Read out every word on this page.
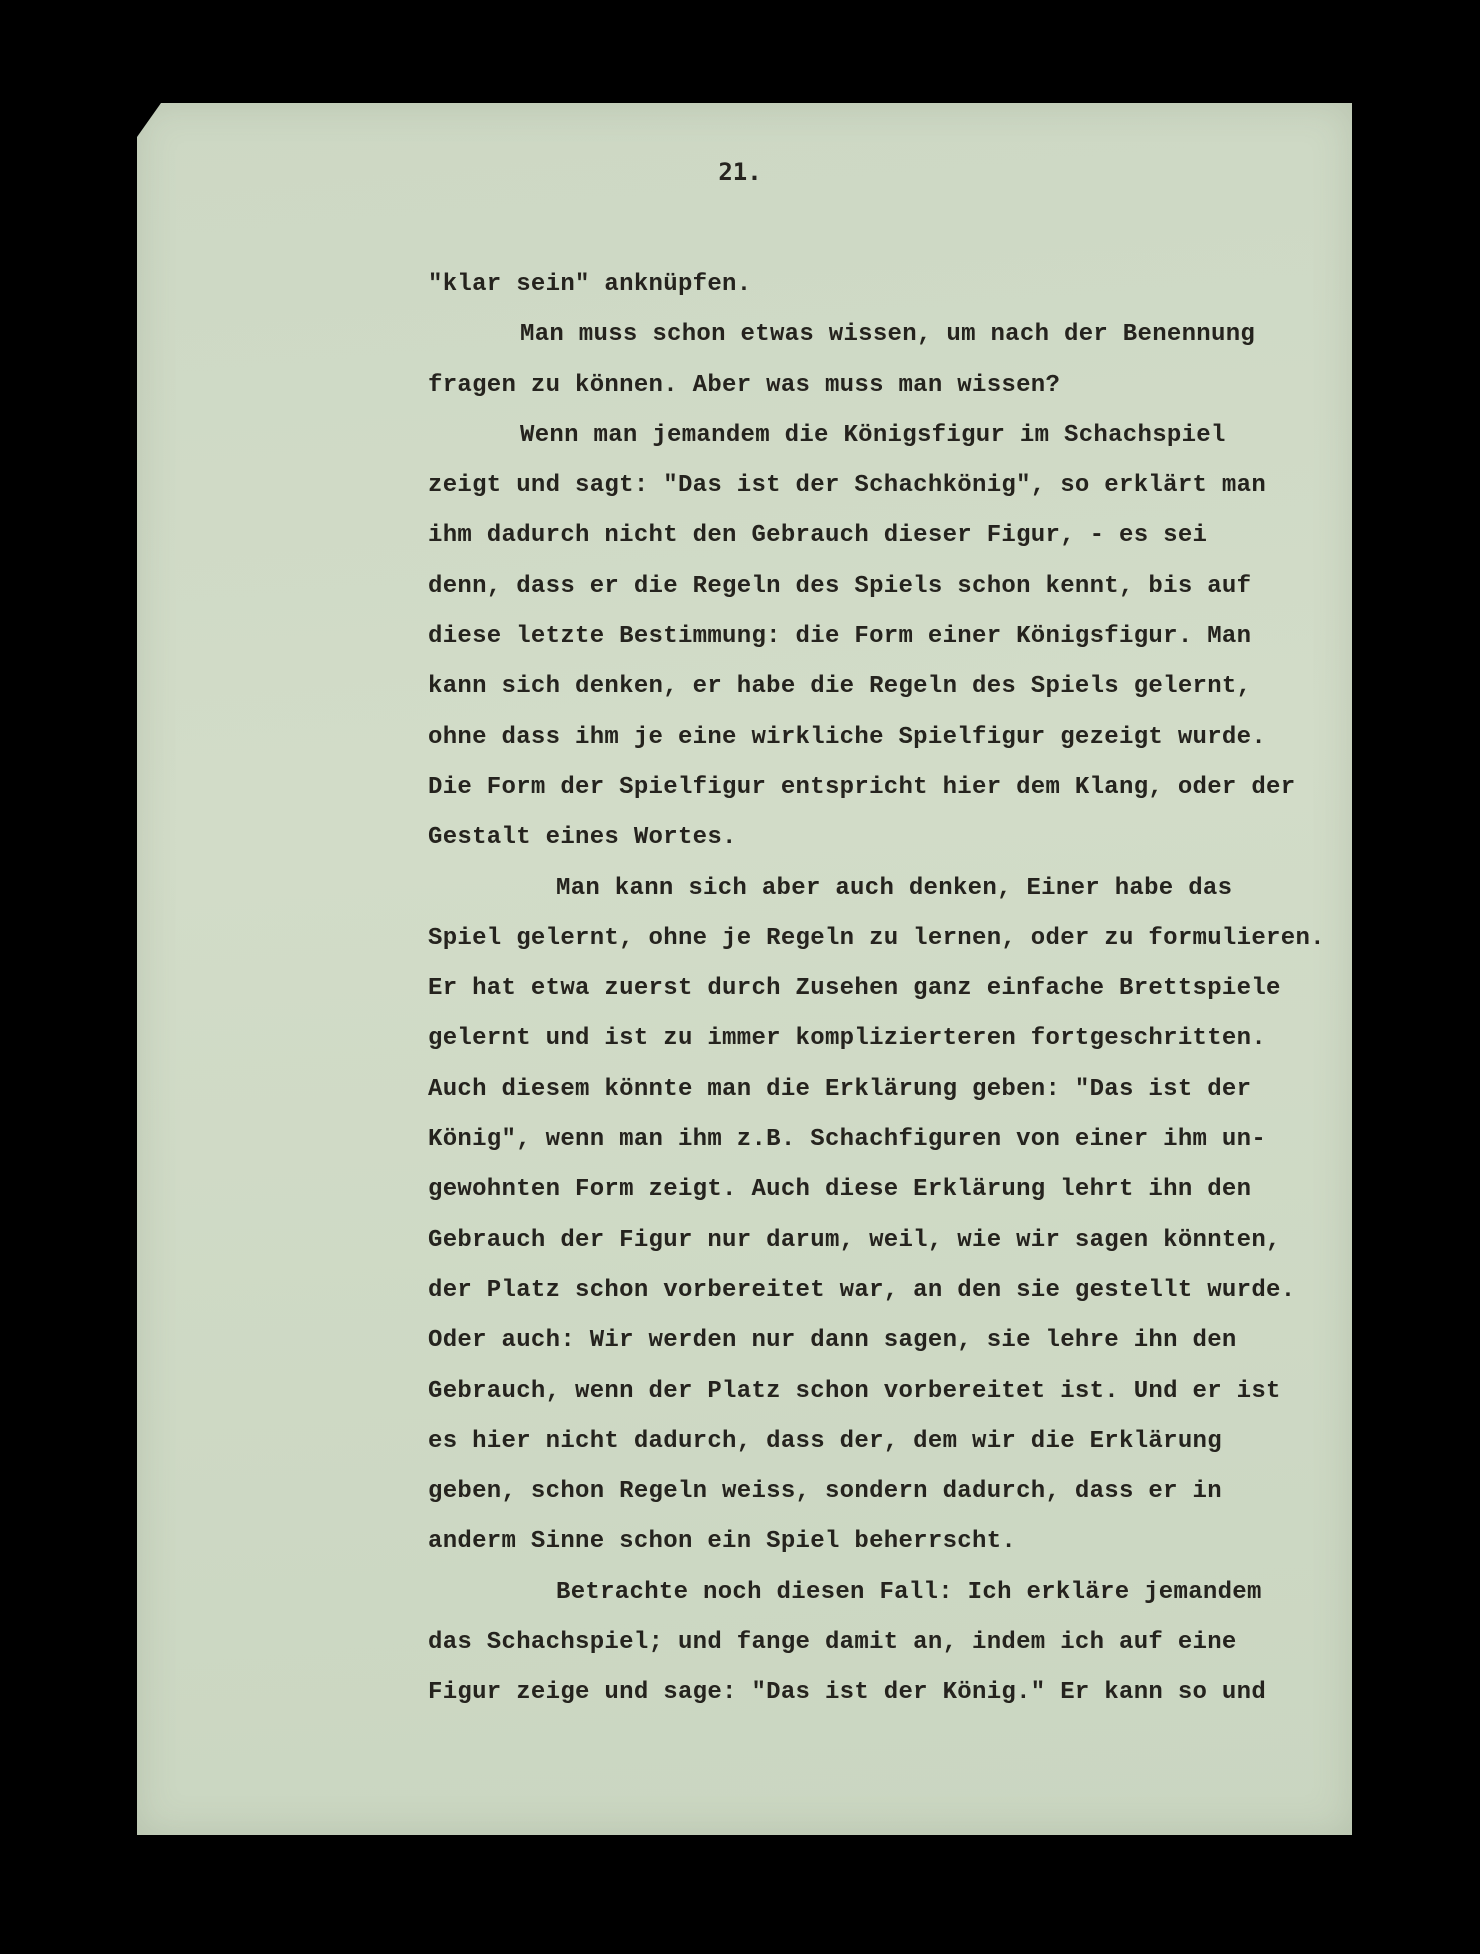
21.
"klar sein" anknüpfen.
Man muss schon etwas wissen, um nach der Benennung
fragen zu können. Aber was muss man wissen?
Wenn man jemandem die Königsfigur im Schachspiel
zeigt und sagt: "Das ist der Schachkönig", so erklärt man
ihm dadurch nicht den Gebrauch dieser Figur, - es sei
denn, dass er die Regeln des Spiels schon kennt, bis auf
diese letzte Bestimmung: die Form einer Königsfigur. Man
kann sich denken, er habe die Regeln des Spiels gelernt,
ohne dass ihm je eine wirkliche Spielfigur gezeigt wurde.
Die Form der Spielfigur entspricht hier dem Klang, oder der
Gestalt eines Wortes.
Man kann sich aber auch denken, Einer habe das
Spiel gelernt, ohne je Regeln zu lernen, oder zu formulieren.
Er hat etwa zuerst durch Zusehen ganz einfache Brettspiele
gelernt und ist zu immer komplizierteren fortgeschritten.
Auch diesem könnte man die Erklärung geben: "Das ist der
König", wenn man ihm z.B. Schachfiguren von einer ihm un-
gewohnten Form zeigt. Auch diese Erklärung lehrt ihn den
Gebrauch der Figur nur darum, weil, wie wir sagen könnten,
der Platz schon vorbereitet war, an den sie gestellt wurde.
Oder auch: Wir werden nur dann sagen, sie lehre ihn den
Gebrauch, wenn der Platz schon vorbereitet ist. Und er ist
es hier nicht dadurch, dass der, dem wir die Erklärung
geben, schon Regeln weiss, sondern dadurch, dass er in
anderm Sinne schon ein Spiel beherrscht.
Betrachte noch diesen Fall: Ich erkläre jemandem
das Schachspiel; und fange damit an, indem ich auf eine
Figur zeige und sage: "Das ist der König." Er kann so und
